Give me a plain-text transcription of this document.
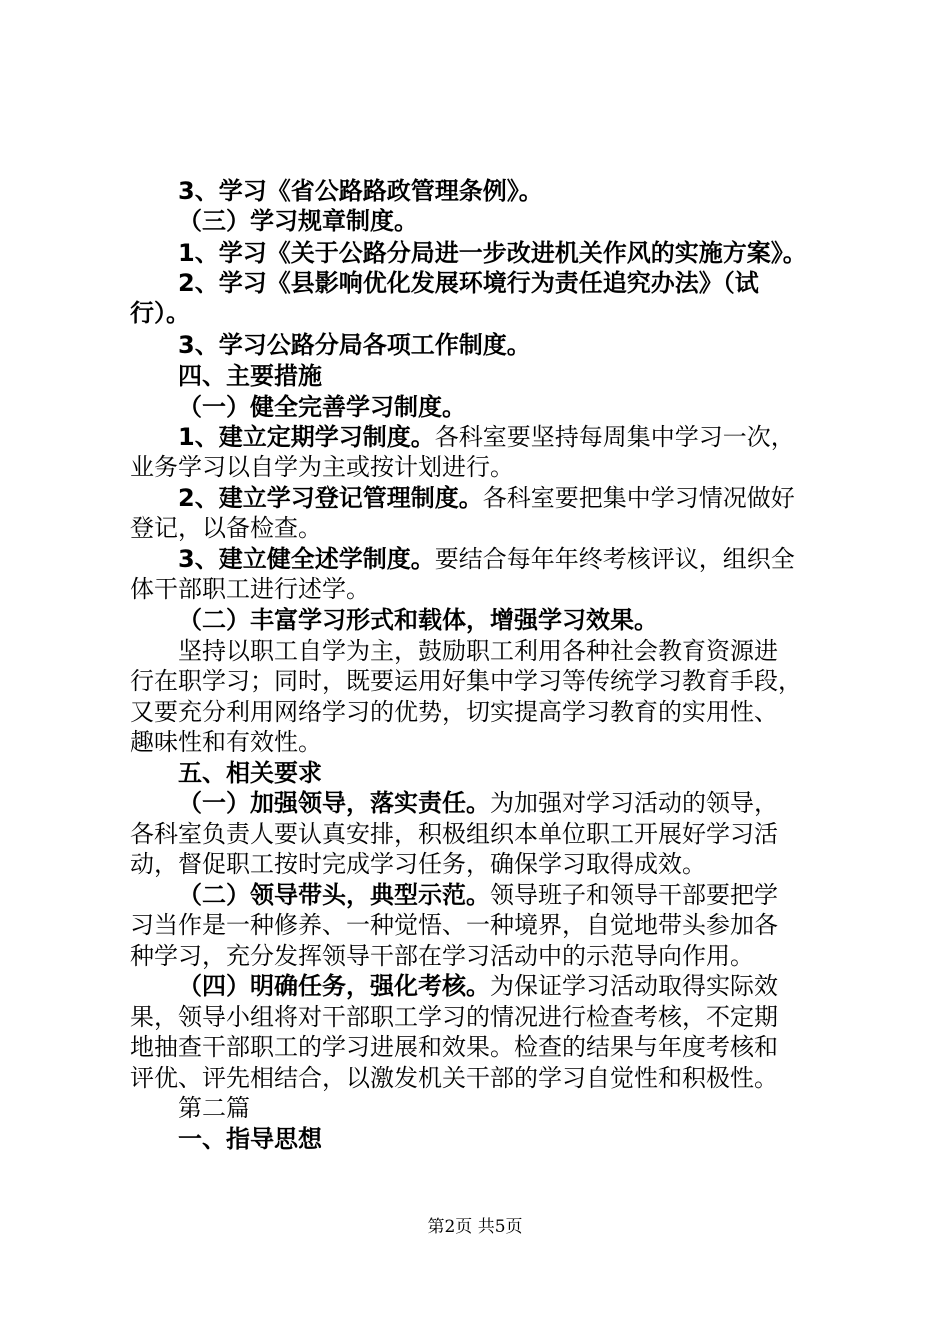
3、学习《省公路路政管理条例》。
（三）学习规章制度。
1、学习《关于公路分局进一步改进机关作风的实施方案》。
2、学习《县影响优化发展环境行为责任追究办法》（试
行）。
3、学习公路分局各项工作制度。
四、主要措施
（一）健全完善学习制度。
1、建立定期学习制度。各科室要坚持每周集中学习一次，
业务学习以自学为主或按计划进行。
2、建立学习登记管理制度。各科室要把集中学习情况做好
登记，以备检查。
3、建立健全述学制度。要结合每年年终考核评议，组织全
体干部职工进行述学。
（二）丰富学习形式和载体，增强学习效果。
坚持以职工自学为主，鼓励职工利用各种社会教育资源进
行在职学习；同时，既要运用好集中学习等传统学习教育手段，
又要充分利用网络学习的优势，切实提高学习教育的实用性、
趣味性和有效性。
五、相关要求
（一）加强领导，落实责任。为加强对学习活动的领导，
各科室负责人要认真安排，积极组织本单位职工开展好学习活
动，督促职工按时完成学习任务，确保学习取得成效。
（二）领导带头，典型示范。领导班子和领导干部要把学
习当作是一种修养、一种觉悟、一种境界，自觉地带头参加各
种学习，充分发挥领导干部在学习活动中的示范导向作用。
（四）明确任务，强化考核。为保证学习活动取得实际效
果，领导小组将对干部职工学习的情况进行检查考核，不定期
地抽查干部职工的学习进展和效果。检查的结果与年度考核和
评优、评先相结合，以激发机关干部的学习自觉性和积极性。
第二篇
一、指导思想
第2页 共5页
